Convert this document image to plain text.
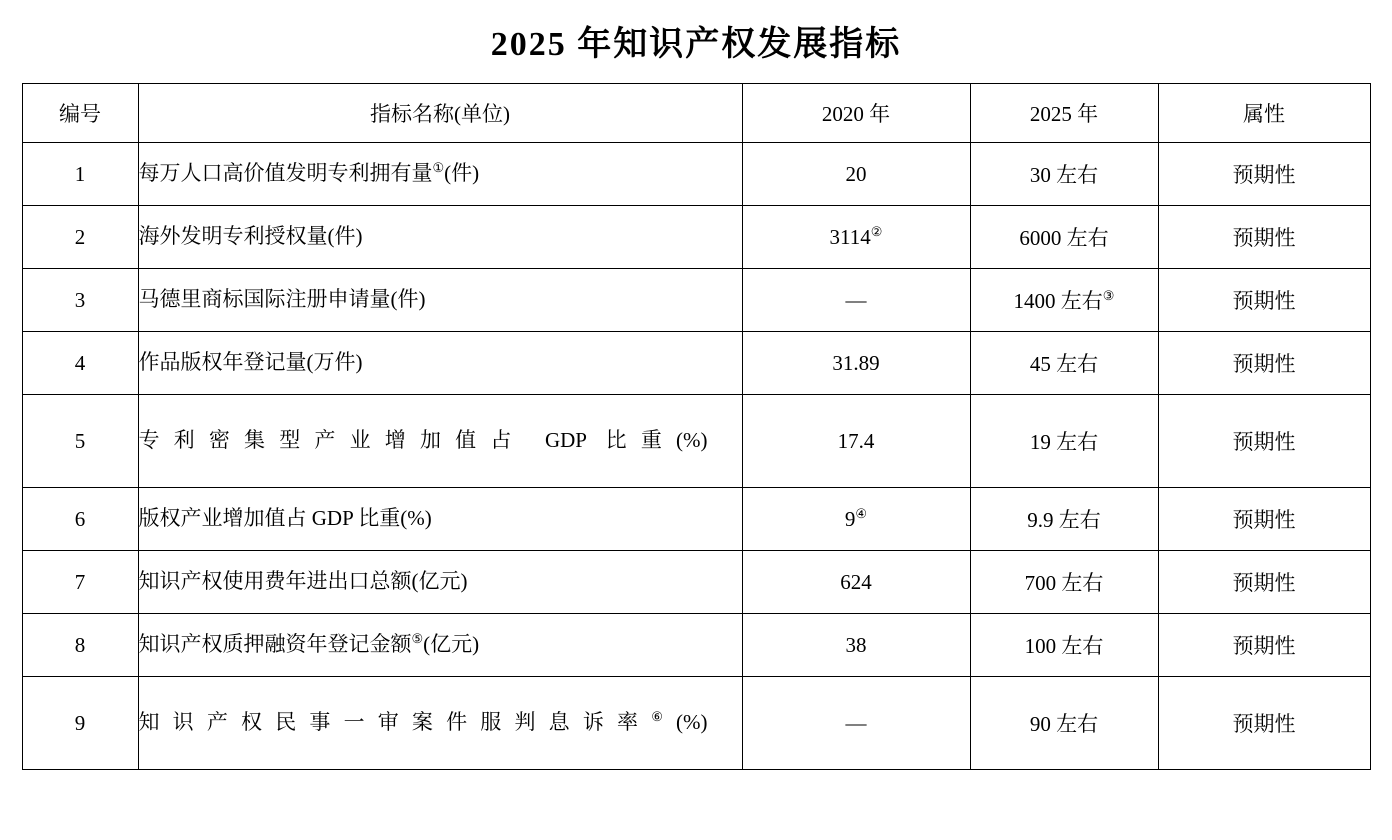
2025 年知识产权发展指标
编号	指标名称(单位)	2020 年	2025 年	属性
1	每万人口高价值发明专利拥有量①(件)	20	30 左右	预期性
2	海外发明专利授权量(件)	3114②	6000 左右	预期性
3	马德里商标国际注册申请量(件)	—	1400 左右③	预期性
4	作品版权年登记量(万件)	31.89	45 左右	预期性
5	专利密集型产业增加值占 GDP 比重(%)	17.4	19 左右	预期性
6	版权产业增加值占 GDP 比重(%)	9④	9.9 左右	预期性
7	知识产权使用费年进出口总额(亿元)	624	700 左右	预期性
8	知识产权质押融资年登记金额⑤(亿元)	38	100 左右	预期性
9	知识产权民事一审案件服判息诉率⑥(%)	—	90 左右	预期性
